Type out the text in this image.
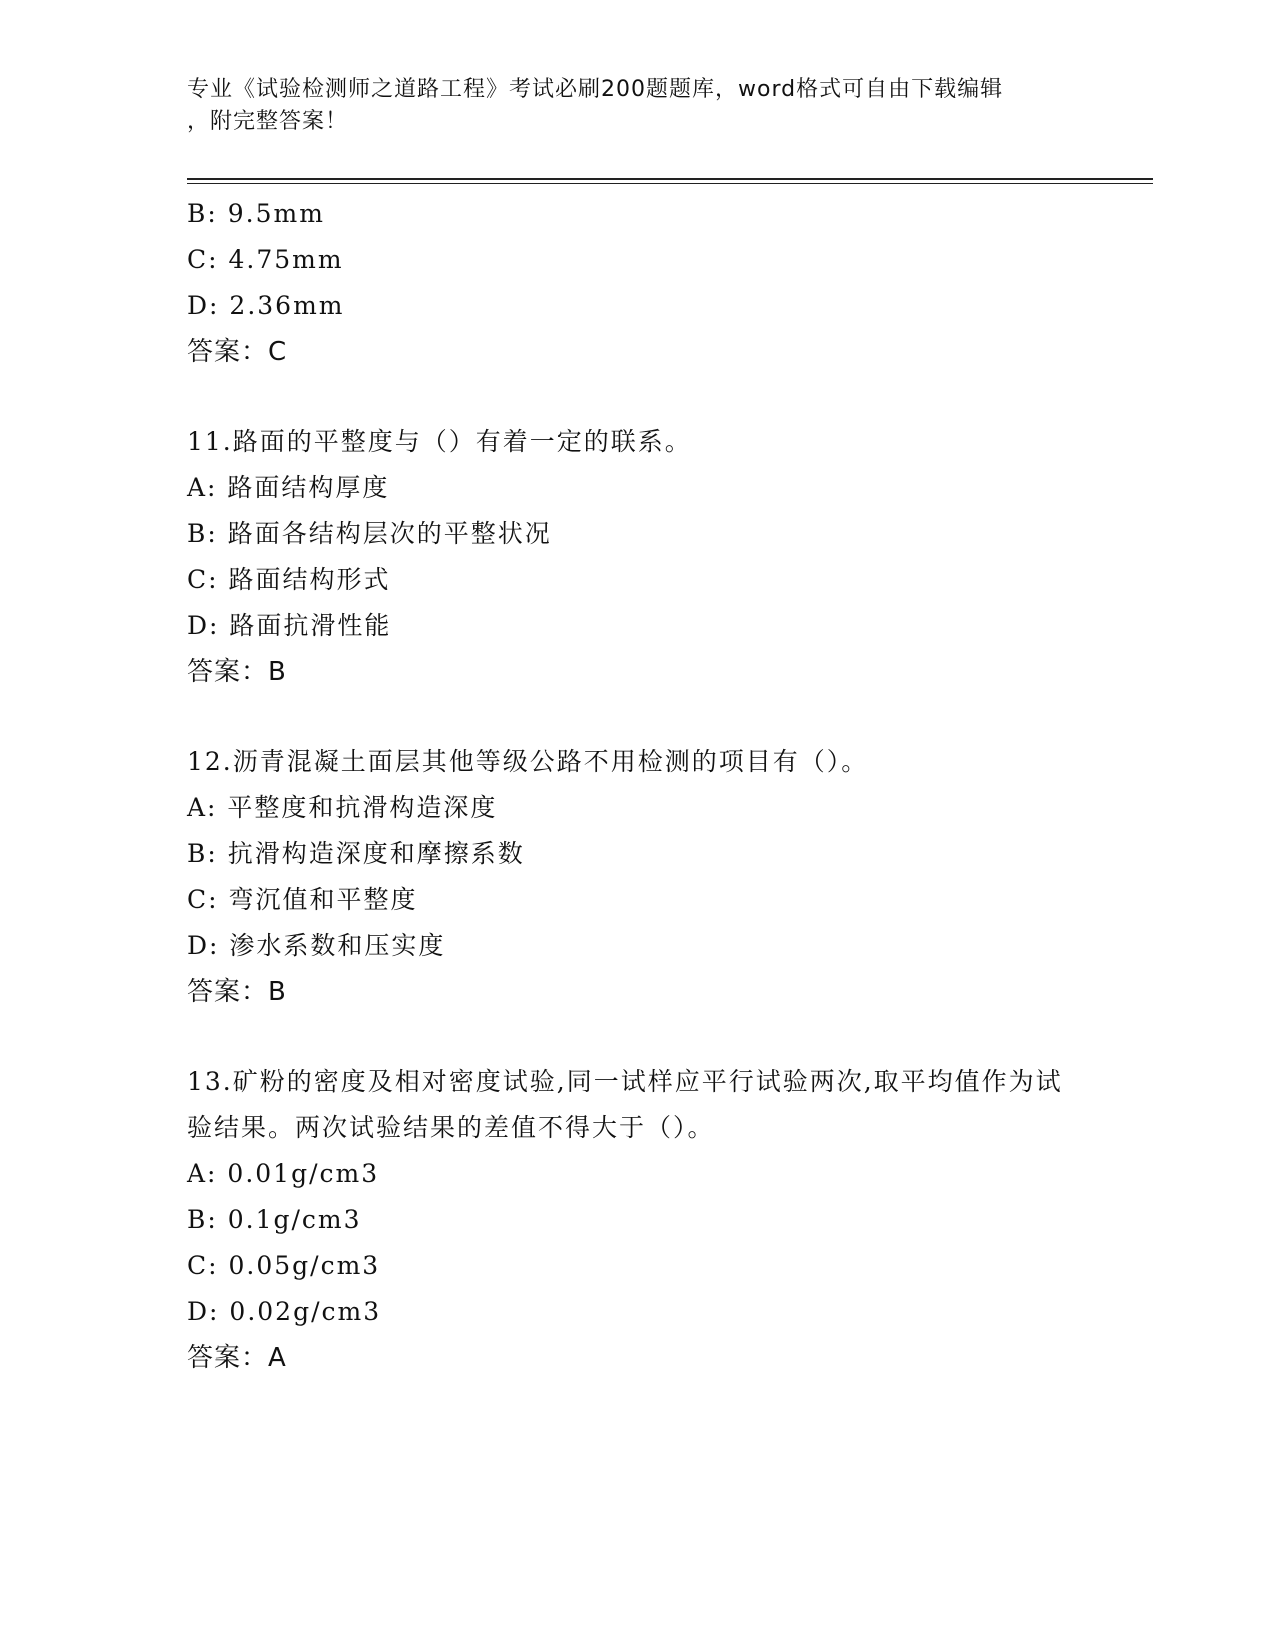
专业《试验检测师之道路工程》考试必刷200题题库，word格式可自由下载编辑
，附完整答案！
B: 9.5mm
C: 4.75mm
D: 2.36mm
答案：C
11.路面的平整度与（）有着一定的联系。
A: 路面结构厚度
B: 路面各结构层次的平整状况
C: 路面结构形式
D: 路面抗滑性能
答案：B
12.沥青混凝土面层其他等级公路不用检测的项目有（）。
A: 平整度和抗滑构造深度
B: 抗滑构造深度和摩擦系数
C: 弯沉值和平整度
D: 渗水系数和压实度
答案：B
13.矿粉的密度及相对密度试验,同一试样应平行试验两次,取平均值作为试验结果。两次试验结果的差值不得大于（）。
A: 0.01g/cm3
B: 0.1g/cm3
C: 0.05g/cm3
D: 0.02g/cm3
答案：A
